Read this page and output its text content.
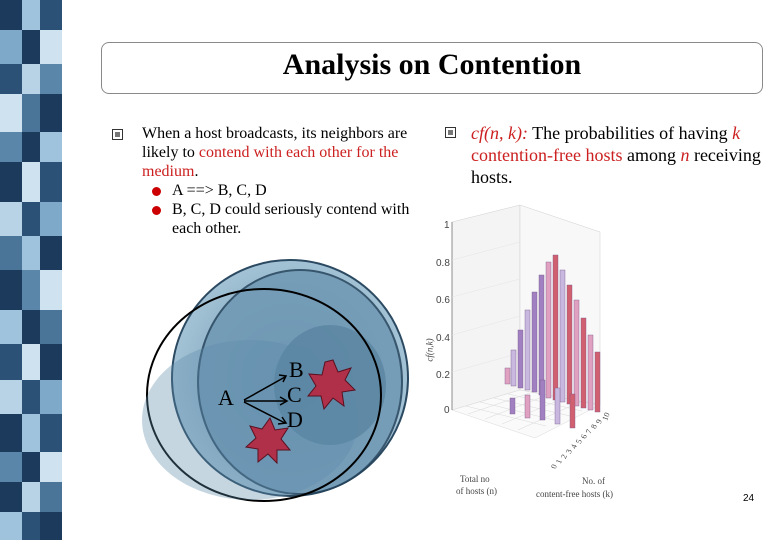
Analysis on Contention
When a host broadcasts, its neighbors are likely to contend with each other for the medium.
A ==> B, C, D
B, C, D could seriously contend with each other.
cf(n, k): The probabilities of having k contention-free hosts among n receiving hosts.
A
B
C
D
1
0.8
0.6
0.4
0.2
0
cf(n,k)
Total no
of hosts (n)
No. of
content-free hosts (k)
0
1
2
3
4
5
6
7
8
9
10
24
